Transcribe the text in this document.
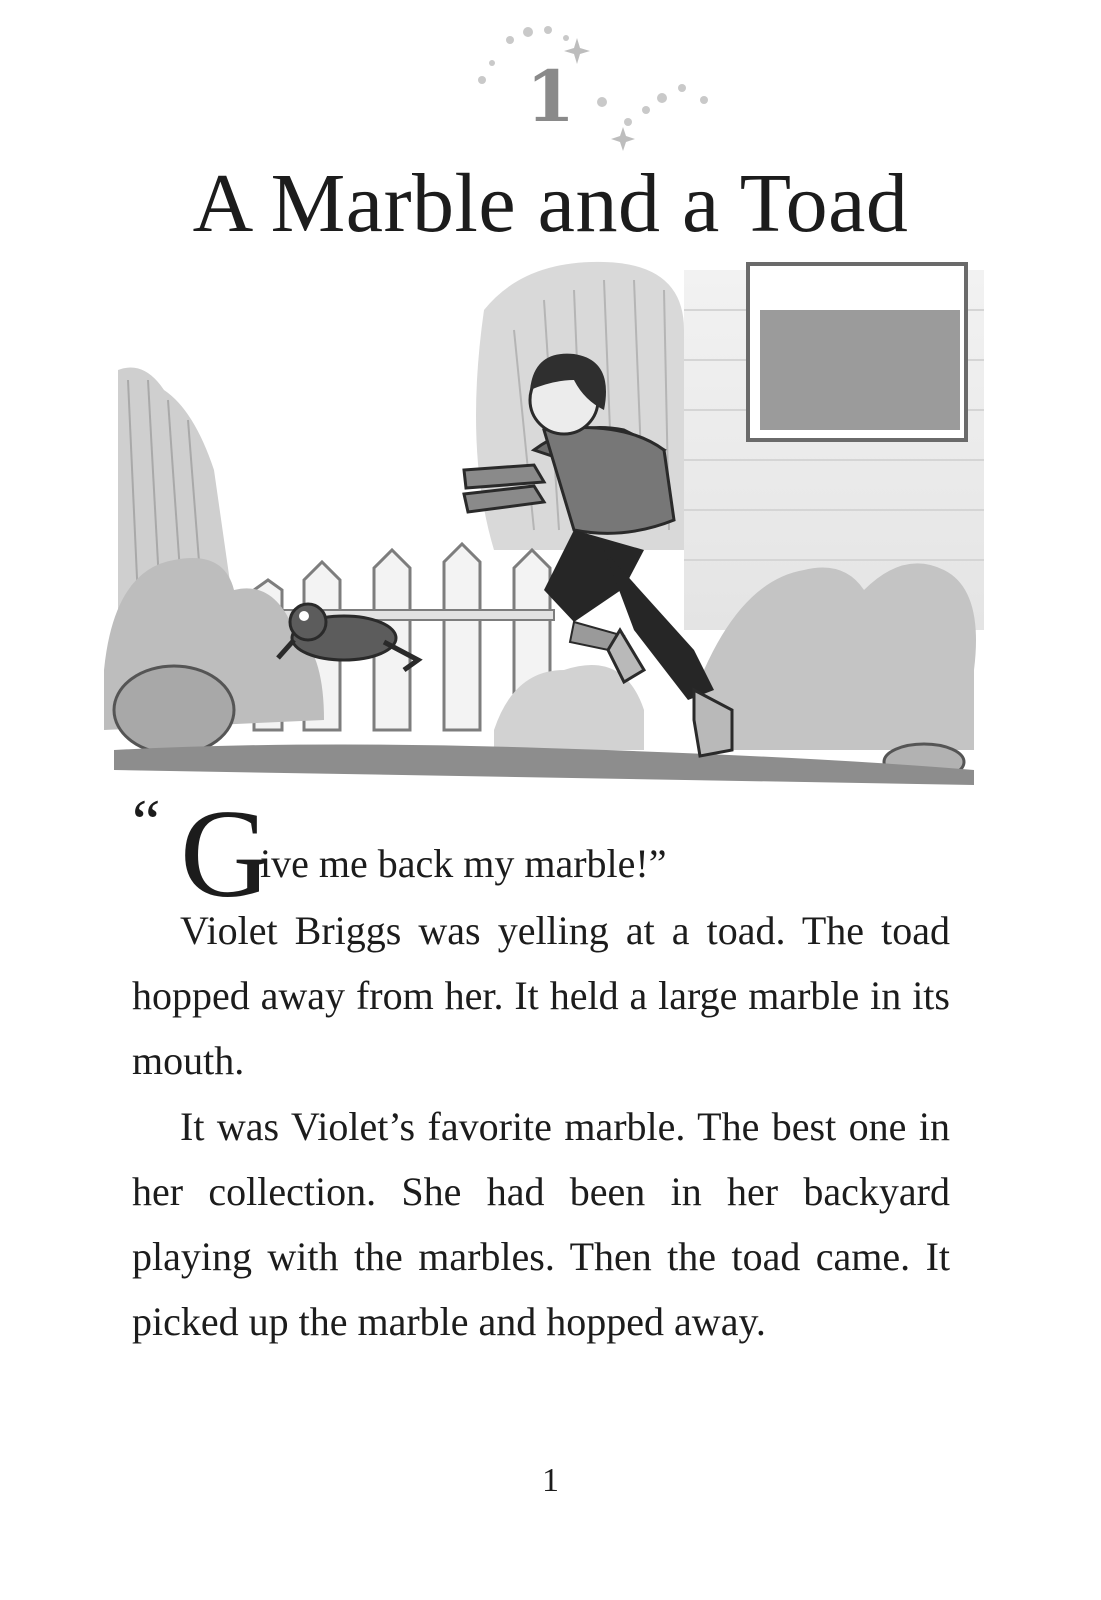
1
A Marble and a Toad
“ G
ive me back my marble!”

Violet Briggs was yelling at a toad. The toad hopped away from her. It held a large marble in its mouth.

It was Violet’s favorite marble. The best one in her collection. She had been in her backyard playing with the marbles. Then the toad came. It picked up the marble and hopped away.

1
